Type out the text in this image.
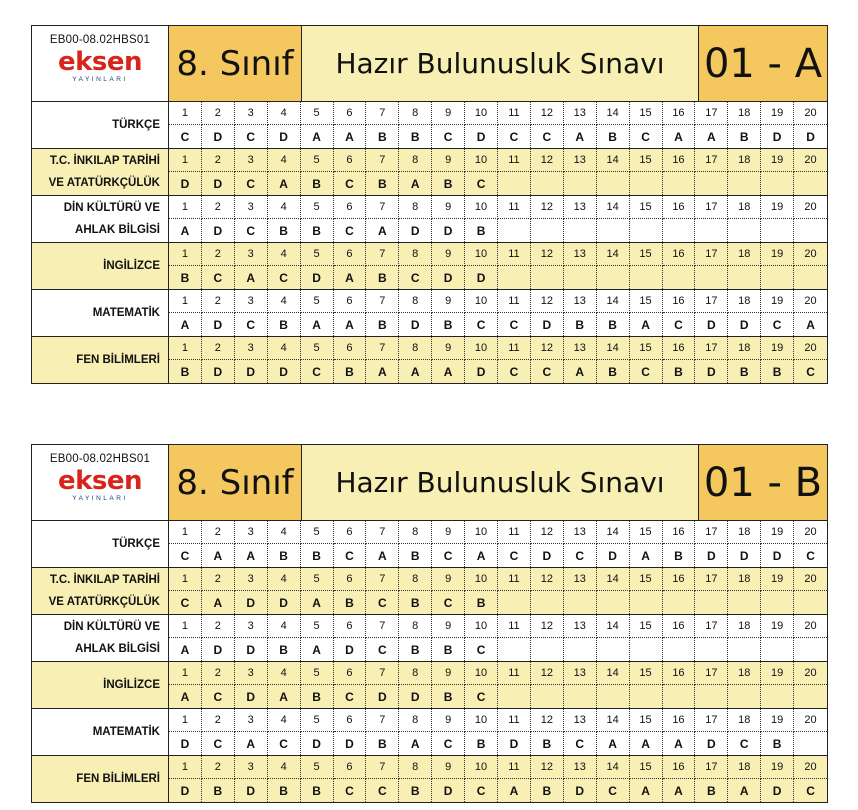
EB00-08.02HBS01
eksen
YAYINLARI 8. Sınıf	Hazır Bulunusluk Sınavı 01 - A
TÜRKÇE
1	2	3	4	5	6	7	8	9	10	11	12	13	14	15	16	17	18	19	20
C	D	C	D	A	A	B	B	C	D	C	C	A	B	C	A	A	B	D	D
T.C. İNKILAP TARİHİ
VE ATATÜRKÇÜLÜK
1	2	3	4	5	6	7	8	9	10	11	12	13	14	15	16	17	18	19	20
D	D	C	A	B	C	B	A	B	C
DİN KÜLTÜRÜ VE
AHLAK BİLGİSİ
1	2	3	4	5	6	7	8	9	10	11	12	13	14	15	16	17	18	19	20
A	D	C	B	B	C	A	D	D	B
İNGİLİZCE
1	2	3	4	5	6	7	8	9	10	11	12	13	14	15	16	17	18	19	20
B	C	A	C	D	A	B	C	D	D
MATEMATİK
1	2	3	4	5	6	7	8	9	10	11	12	13	14	15	16	17	18	19	20
A	D	C	B	A	A	B	D	B	C	C	D	B	B	A	C	D	D	C	A
FEN BİLİMLERİ
1	2	3	4	5	6	7	8	9	10	11	12	13	14	15	16	17	18	19	20
B	D	D	D	C	B	A	A	A	D	C	C	A	B	C	B	D	B	B	C
EB00-08.02HBS01
eksen
YAYINLARI 8. Sınıf	Hazır Bulunusluk Sınavı 01 - B
TÜRKÇE
1	2	3	4	5	6	7	8	9	10	11	12	13	14	15	16	17	18	19	20
C	A	A	B	B	C	A	B	C	A	C	D	C	D	A	B	D	D	D	C
T.C. İNKILAP TARİHİ
VE ATATÜRKÇÜLÜK
1	2	3	4	5	6	7	8	9	10	11	12	13	14	15	16	17	18	19	20
C	A	D	D	A	B	C	B	C	B
DİN KÜLTÜRÜ VE
AHLAK BİLGİSİ
1	2	3	4	5	6	7	8	9	10	11	12	13	14	15	16	17	18	19	20
A	D	D	B	A	D	C	B	B	C
İNGİLİZCE
1	2	3	4	5	6	7	8	9	10	11	12	13	14	15	16	17	18	19	20
A	C	D	A	B	C	D	D	B	C
MATEMATİK
1	2	3	4	5	6	7	8	9	10	11	12	13	14	15	16	17	18	19	20
D	C	A	C	D	D	B	A	C	B	D	B	C	A	A	A	D	C	B
FEN BİLİMLERİ
1	2	3	4	5	6	7	8	9	10	11	12	13	14	15	16	17	18	19	20
D	B	D	B	B	C	C	B	D	C	A	B	D	C	A	A	B	A	D	C
